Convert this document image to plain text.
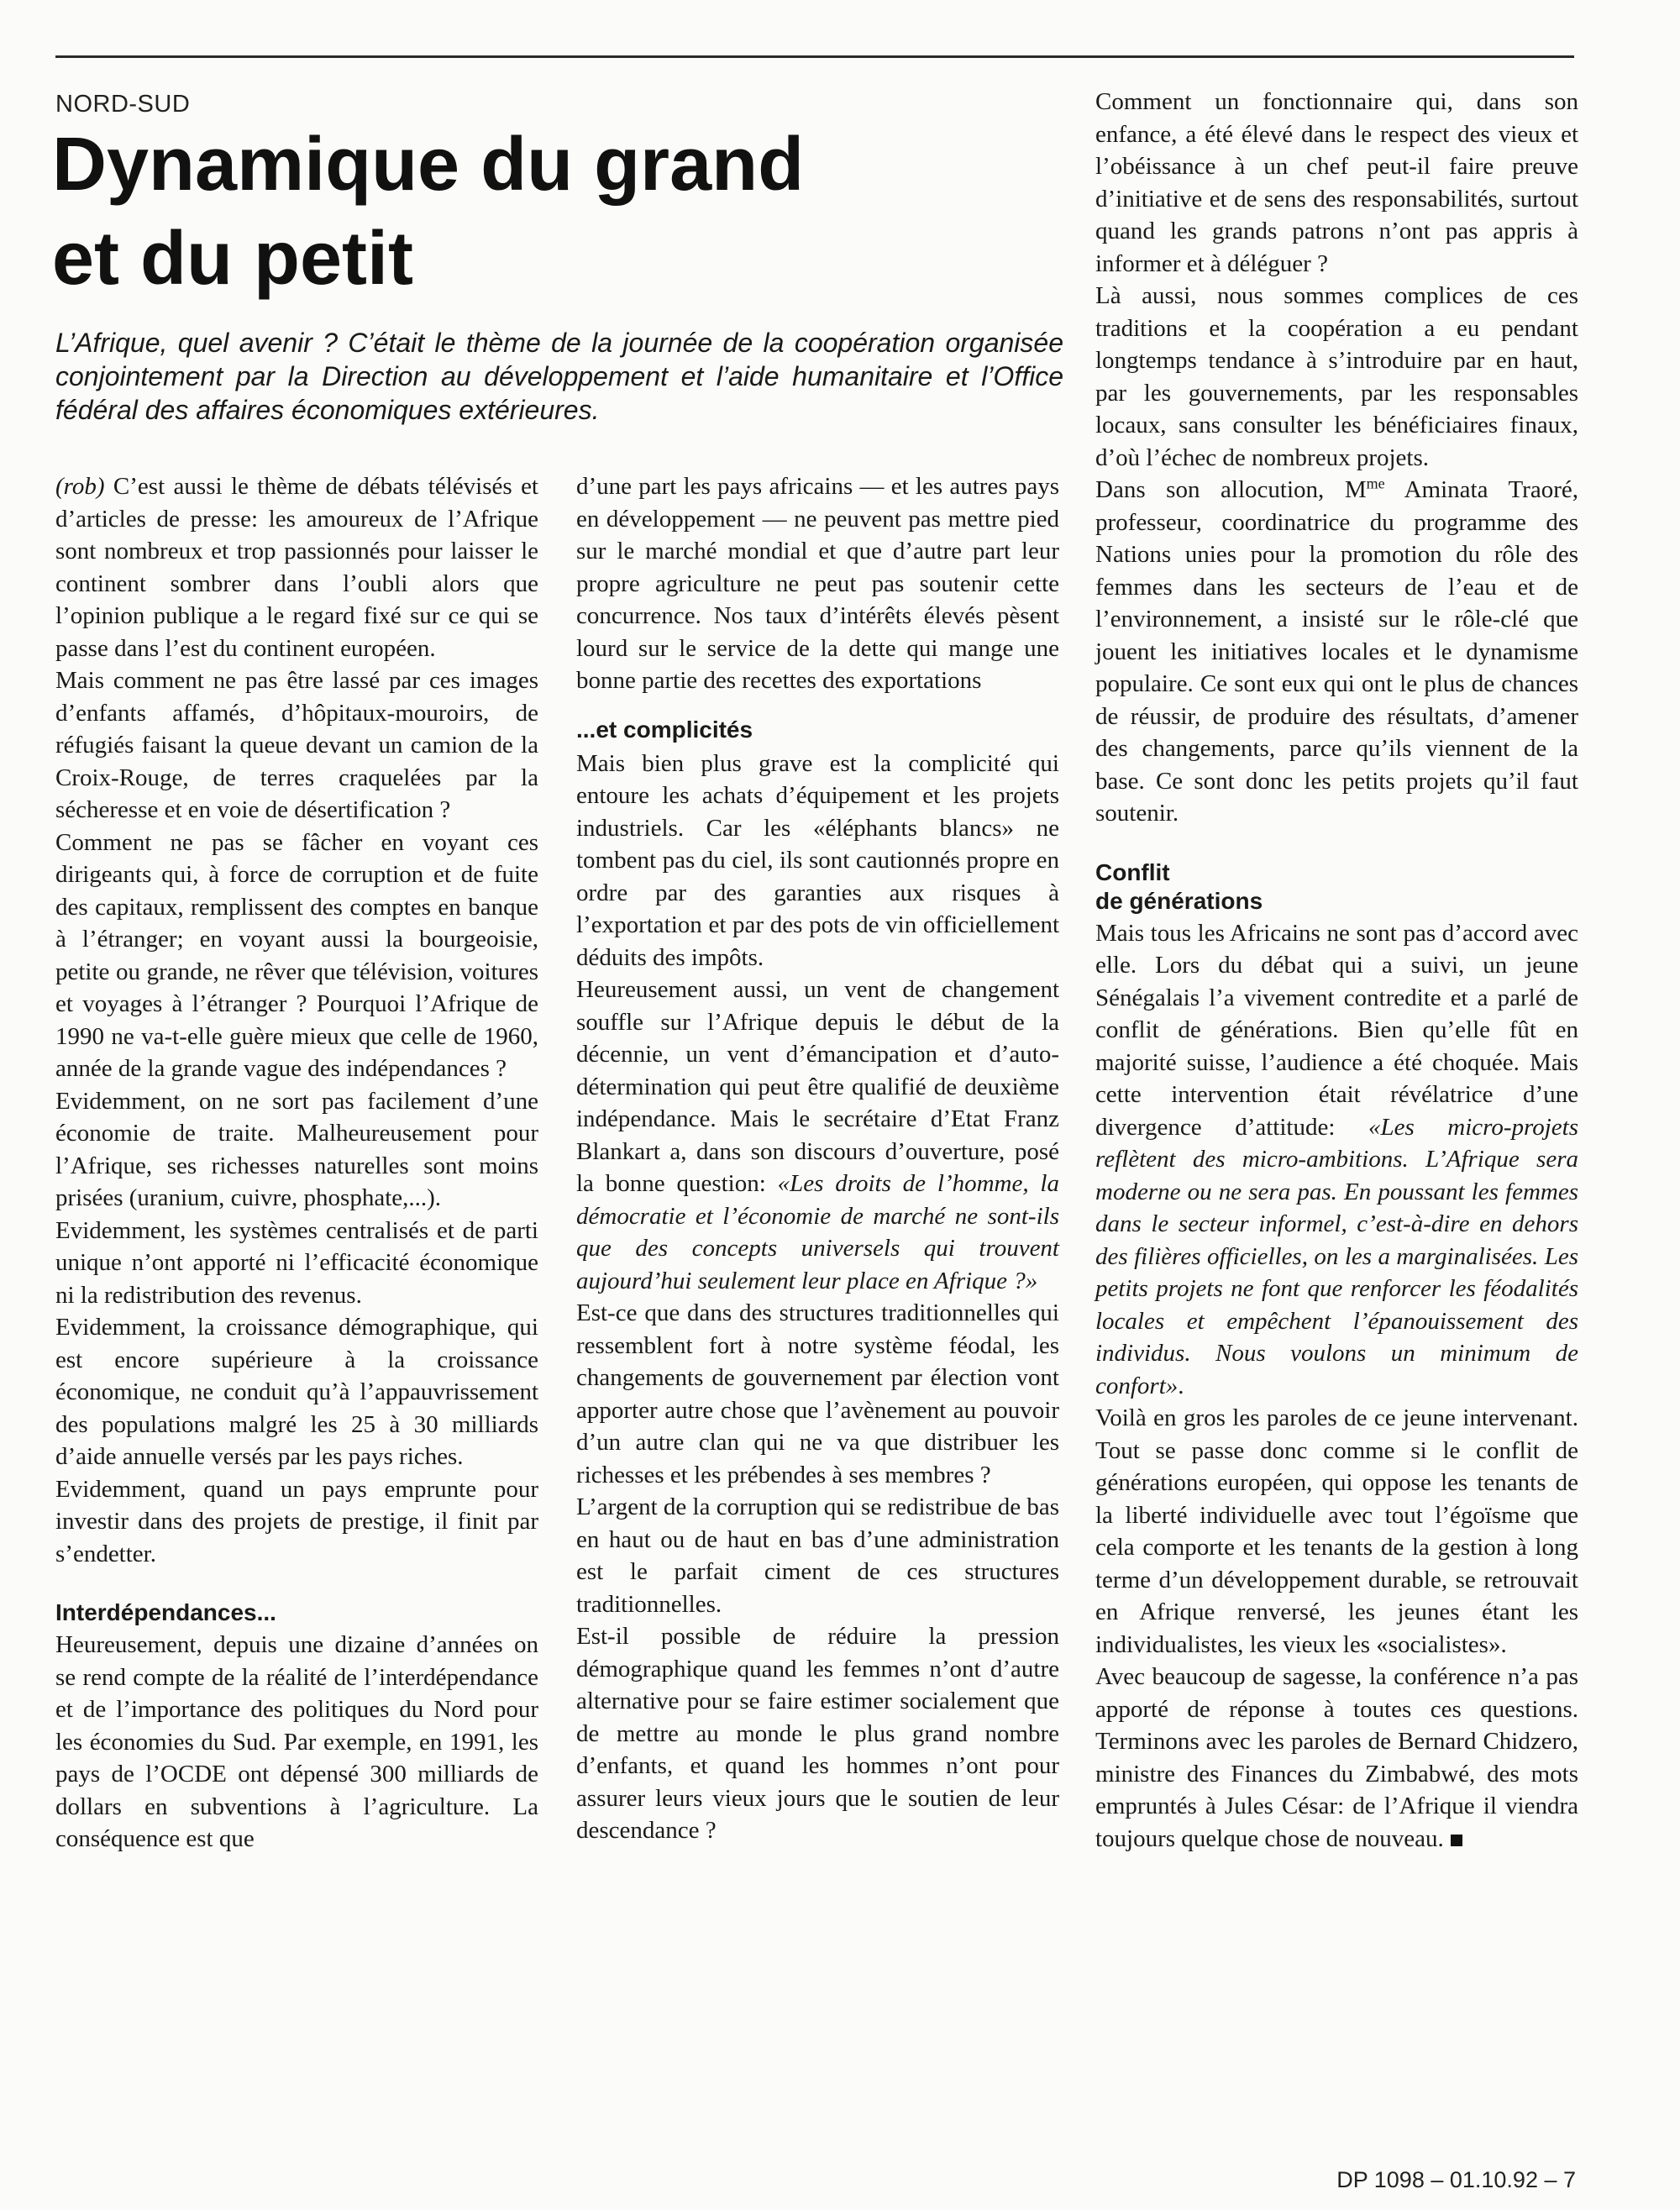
NORD-SUD
Dynamique du grand
et du petit

L’Afrique, quel avenir ? C’était le thème de la journée de la coopération organisée conjointement par la Direction au développement et l’aide humanitaire et l’Office fédéral des affaires économiques extérieures.

(rob) C’est aussi le thème de débats télévisés et d’articles de presse: les amoureux de l’Afrique sont nombreux et trop passionnés pour laisser le continent sombrer dans l’oubli alors que l’opinion publique a le regard fixé sur ce qui se passe dans l’est du continent européen.

Mais comment ne pas être lassé par ces images d’enfants affamés, d’hôpitaux-mouroirs, de réfugiés faisant la queue devant un camion de la Croix-Rouge, de terres craquelées par la sécheresse et en voie de désertification ?

Comment ne pas se fâcher en voyant ces dirigeants qui, à force de corruption et de fuite des capitaux, remplissent des comptes en banque à l’étranger; en voyant aussi la bourgeoisie, petite ou grande, ne rêver que télévision, voitures et voyages à l’étranger ? Pourquoi l’Afrique de 1990 ne va-t-elle guère mieux que celle de 1960, année de la grande vague des indépendances ?

Evidemment, on ne sort pas facilement d’une économie de traite. Malheureusement pour l’Afrique, ses richesses naturelles sont moins prisées (uranium, cuivre, phosphate,...).

Evidemment, les systèmes centralisés et de parti unique n’ont apporté ni l’efficacité économique ni la redistribution des revenus.

Evidemment, la croissance démographique, qui est encore supérieure à la croissance économique, ne conduit qu’à l’appauvrissement des populations malgré les 25 à 30 milliards d’aide annuelle versés par les pays riches.

Evidemment, quand un pays emprunte pour investir dans des projets de prestige, il finit par s’endetter.

Interdépendances...

Heureusement, depuis une dizaine d’années on se rend compte de la réalité de l’interdépendance et de l’importance des politiques du Nord pour les économies du Sud. Par exemple, en 1991, les pays de l’OCDE ont dépensé 300 milliards de dollars en subventions à l’agriculture. La conséquence est que

d’une part les pays africains — et les autres pays en développement — ne peuvent pas mettre pied sur le marché mondial et que d’autre part leur propre agriculture ne peut pas soutenir cette concurrence. Nos taux d’intérêts élevés pèsent lourd sur le service de la dette qui mange une bonne partie des recettes des exportations

...et complicités

Mais bien plus grave est la complicité qui entoure les achats d’équipement et les projets industriels. Car les «éléphants blancs» ne tombent pas du ciel, ils sont cautionnés propre en ordre par des garanties aux risques à l’exportation et par des pots de vin officiellement déduits des impôts.

Heureusement aussi, un vent de changement souffle sur l’Afrique depuis le début de la décennie, un vent d’émancipation et d’auto-détermination qui peut être qualifié de deuxième indépendance. Mais le secrétaire d’Etat Franz Blankart a, dans son discours d’ouverture, posé la bonne question: «Les droits de l’homme, la démocratie et l’économie de marché ne sont-ils que des concepts universels qui trouvent aujourd’hui seulement leur place en Afrique ?»

Est-ce que dans des structures traditionnelles qui ressemblent fort à notre système féodal, les changements de gouvernement par élection vont apporter autre chose que l’avènement au pouvoir d’un autre clan qui ne va que distribuer les richesses et les prébendes à ses membres ?

L’argent de la corruption qui se redistribue de bas en haut ou de haut en bas d’une administration est le parfait ciment de ces structures traditionnelles.

Est-il possible de réduire la pression démographique quand les femmes n’ont d’autre alternative pour se faire estimer socialement que de mettre au monde le plus grand nombre d’enfants, et quand les hommes n’ont pour assurer leurs vieux jours que le soutien de leur descendance ?

Comment un fonctionnaire qui, dans son enfance, a été élevé dans le respect des vieux et l’obéissance à un chef peut-il faire preuve d’initiative et de sens des responsabilités, surtout quand les grands patrons n’ont pas appris à informer et à déléguer ?

Là aussi, nous sommes complices de ces traditions et la coopération a eu pendant longtemps tendance à s’introduire par en haut, par les gouvernements, par les responsables locaux, sans consulter les bénéficiaires finaux, d’où l’échec de nombreux projets.

Dans son allocution, $M^{me}$ Aminata Traoré, professeur, coordinatrice du programme des Nations unies pour la promotion du rôle des femmes dans les secteurs de l’eau et de l’environnement, a insisté sur le rôle-clé que jouent les initiatives locales et le dynamisme populaire. Ce sont eux qui ont le plus de chances de réussir, de produire des résultats, d’amener des changements, parce qu’ils viennent de la base. Ce sont donc les petits projets qu’il faut soutenir.

Conflit
de générations

Mais tous les Africains ne sont pas d’accord avec elle. Lors du débat qui a suivi, un jeune Sénégalais l’a vivement contredite et a parlé de conflit de générations. Bien qu’elle fût en majorité suisse, l’audience a été choquée. Mais cette intervention était révélatrice d’une divergence d’attitude: «Les micro-projets reflètent des micro-ambitions. L’Afrique sera moderne ou ne sera pas. En poussant les femmes dans le secteur informel, c’est-à-dire en dehors des filières officielles, on les a marginalisées. Les petits projets ne font que renforcer les féodalités locales et empêchent l’épanouissement des individus. Nous voulons un minimum de confort».

Voilà en gros les paroles de ce jeune intervenant. Tout se passe donc comme si le conflit de générations européen, qui oppose les tenants de la liberté individuelle avec tout l’égoïsme que cela comporte et les tenants de la gestion à long terme d’un développement durable, se retrouvait en Afrique renversé, les jeunes étant les individualistes, les vieux les «socialistes».

Avec beaucoup de sagesse, la conférence n’a pas apporté de réponse à toutes ces questions. Terminons avec les paroles de Bernard Chidzero, ministre des Finances du Zimbabwé, des mots empruntés à Jules César: de l’Afrique il viendra toujours quelque chose de nouveau.

DP 1098 – 01.10.92 – 7
